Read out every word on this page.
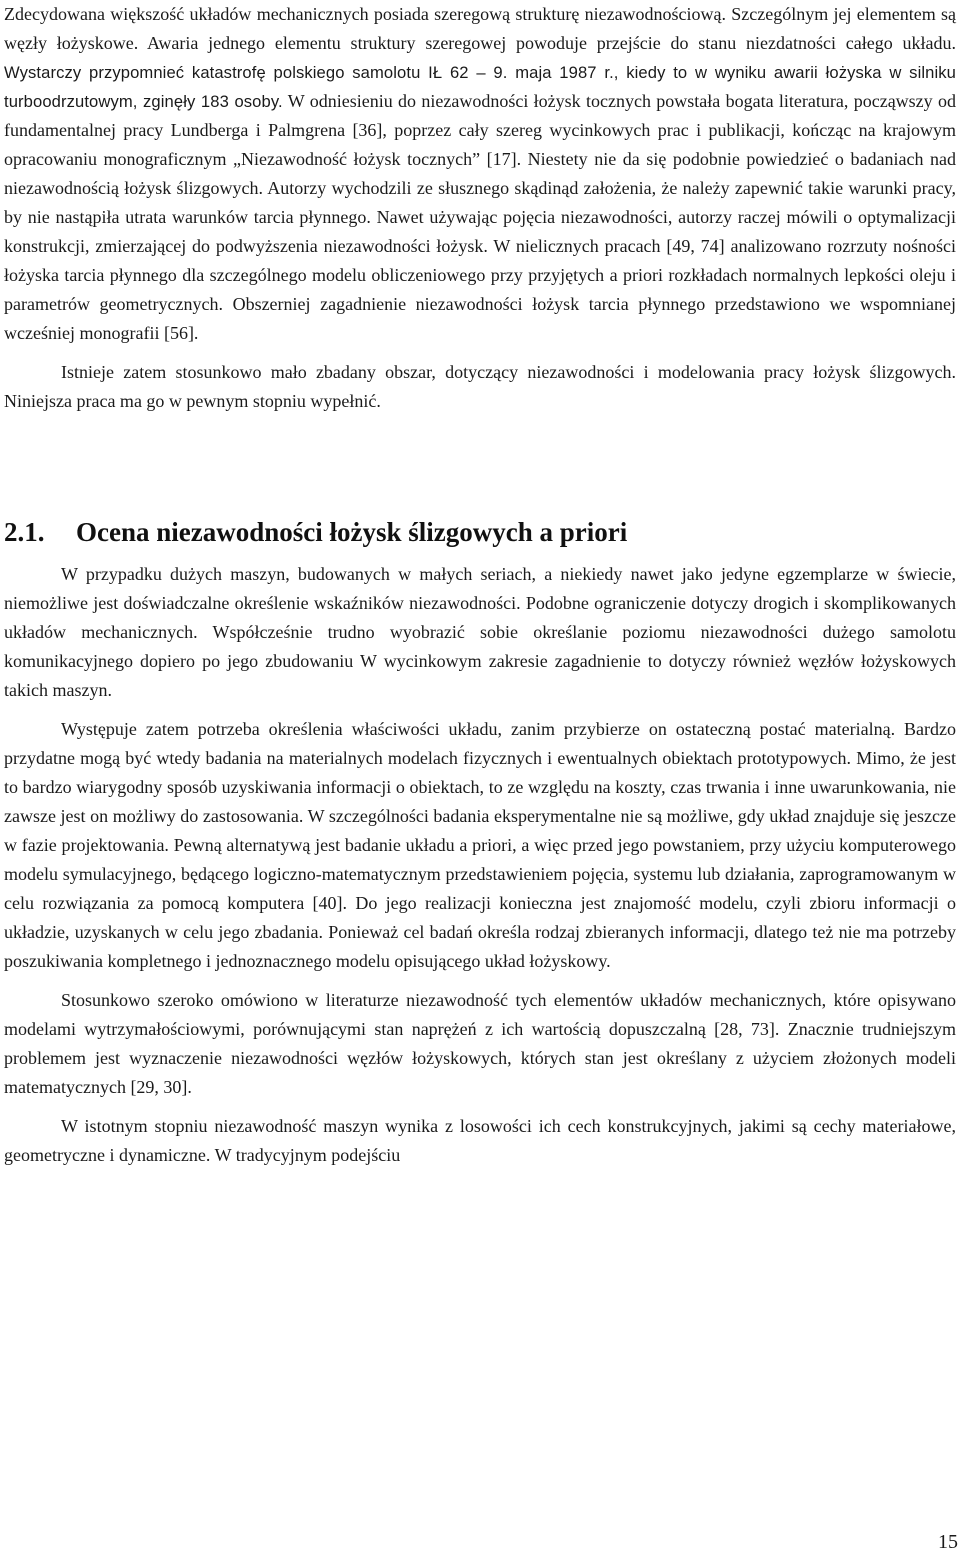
Zdecydowana większość układów mechanicznych posiada szeregową strukturę niezawodnościową. Szczególnym jej elementem są węzły łożyskowe. Awaria jednego elementu struktury szeregowej powoduje przejście do stanu niezdatności całego układu. Wystarczy przypomnieć katastrofę polskiego samolotu IŁ 62 – 9. maja 1987 r., kiedy to w wyniku awarii łożyska w silniku turboodrzutowym, zginęły 183 osoby. W odniesieniu do niezawodności łożysk tocznych powstała bogata literatura, począwszy od fundamentalnej pracy Lundberga i Palmgrena [36], poprzez cały szereg wycinkowych prac i publikacji, kończąc na krajowym opracowaniu monograficznym „Niezawodność łożysk tocznych” [17]. Niestety nie da się podobnie powiedzieć o badaniach nad niezawodnością łożysk ślizgowych. Autorzy wychodzili ze słusznego skądinąd założenia, że należy zapewnić takie warunki pracy, by nie nastąpiła utrata warunków tarcia płynnego. Nawet używając pojęcia niezawodności, autorzy raczej mówili o optymalizacji konstrukcji, zmierzającej do podwyższenia niezawodności łożysk. W nielicznych pracach [49, 74] analizowano rozrzuty nośności łożyska tarcia płynnego dla szczególnego modelu obliczeniowego przy przyjętych a priori rozkładach normalnych lepkości oleju i parametrów geometrycznych. Obszerniej zagadnienie niezawodności łożysk tarcia płynnego przedstawiono we wspomnianej wcześniej monografii [56].

Istnieje zatem stosunkowo mało zbadany obszar, dotyczący niezawodności i modelowania pracy łożysk ślizgowych. Niniejsza praca ma go w pewnym stopniu wypełnić.

2.1. Ocena niezawodności łożysk ślizgowych a priori

W przypadku dużych maszyn, budowanych w małych seriach, a niekiedy nawet jako jedyne egzemplarze w świecie, niemożliwe jest doświadczalne określenie wskaźników niezawodności. Podobne ograniczenie dotyczy drogich i skomplikowanych układów mechanicznych. Współcześnie trudno wyobrazić sobie określanie poziomu niezawodności dużego samolotu komunikacyjnego dopiero po jego zbudowaniu W wycinkowym zakresie zagadnienie to dotyczy również węzłów łożyskowych takich maszyn.

Występuje zatem potrzeba określenia właściwości układu, zanim przybierze on ostateczną postać materialną. Bardzo przydatne mogą być wtedy badania na materialnych modelach fizycznych i ewentualnych obiektach prototypowych. Mimo, że jest to bardzo wiarygodny sposób uzyskiwania informacji o obiektach, to ze względu na koszty, czas trwania i inne uwarunkowania, nie zawsze jest on możliwy do zastosowania. W szczególności badania eksperymentalne nie są możliwe, gdy układ znajduje się jeszcze w fazie projektowania. Pewną alternatywą jest badanie układu a priori, a więc przed jego powstaniem, przy użyciu komputerowego modelu symulacyjnego, będącego logiczno-matematycznym przedstawieniem pojęcia, systemu lub działania, zaprogramowanym w celu rozwiązania za pomocą komputera [40]. Do jego realizacji konieczna jest znajomość modelu, czyli zbioru informacji o układzie, uzyskanych w celu jego zbadania. Ponieważ cel badań określa rodzaj zbieranych informacji, dlatego też nie ma potrzeby poszukiwania kompletnego i jednoznacznego modelu opisującego układ łożyskowy.

Stosunkowo szeroko omówiono w literaturze niezawodność tych elementów układów mechanicznych, które opisywano modelami wytrzymałościowymi, porównującymi stan naprężeń z ich wartością dopuszczalną [28, 73]. Znacznie trudniejszym problemem jest wyznaczenie niezawodności węzłów łożyskowych, których stan jest określany z użyciem złożonych modeli matematycznych [29, 30].

W istotnym stopniu niezawodność maszyn wynika z losowości ich cech konstrukcyjnych, jakimi są cechy materiałowe, geometryczne i dynamiczne. W tradycyjnym podejściu

15
